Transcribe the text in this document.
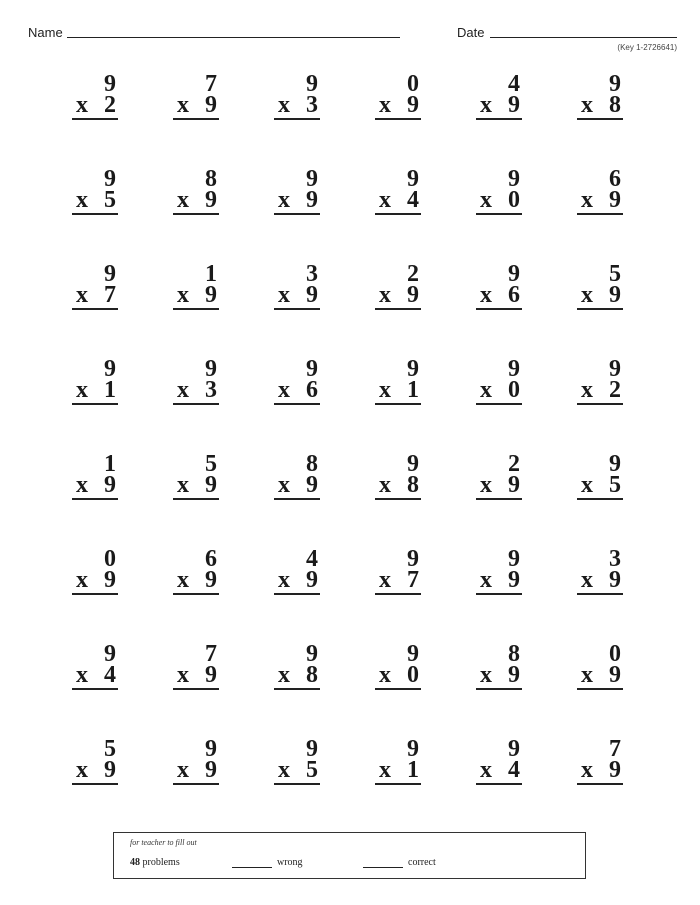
Name	Date
(Key 1-2726641)
9
x 2
7
x 9
9
x 3
0
x 9
4
x 9
9
x 8
9
x 5
8
x 9
9
x 9
9
x 4
9
x 0
6
x 9
9
x 7
1
x 9
3
x 9
2
x 9
9
x 6
5
x 9
9
x 1
9
x 3
9
x 6
9
x 1
9
x 0
9
x 2
1
x 9
5
x 9
8
x 9
9
x 8
2
x 9
9
x 5
0
x 9
6
x 9
4
x 9
9
x 7
9
x 9
3
x 9
9
x 4
7
x 9
9
x 8
9
x 0
8
x 9
0
x 9
5
x 9
9
x 9
9
x 5
9
x 1
9
x 4
7
x 9
for teacher to fill out
48 problems	wrong	correct
